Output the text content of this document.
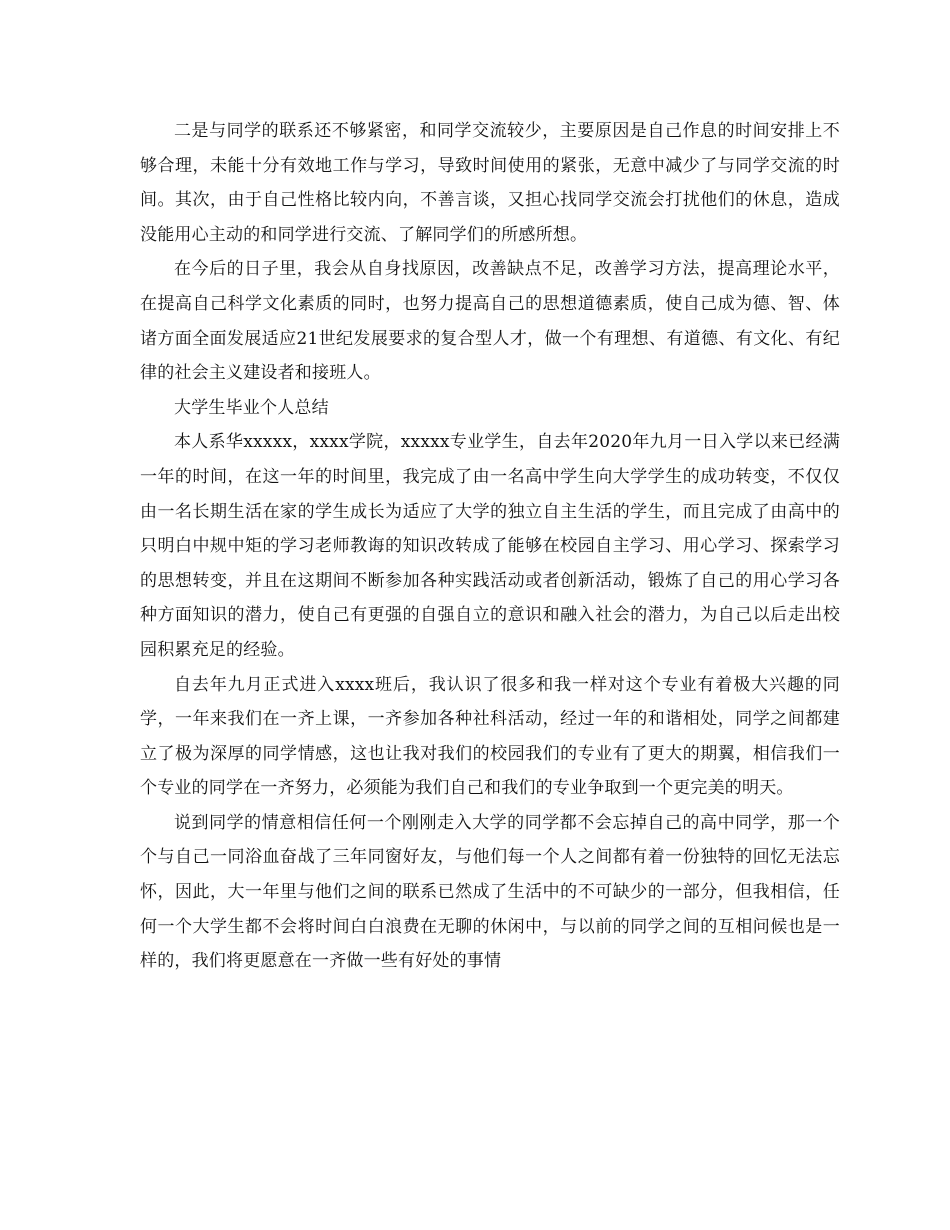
二是与同学的联系还不够紧密，和同学交流较少，主要原因是自己作息的时间安排上不够合理，未能十分有效地工作与学习，导致时间使用的紧张，无意中减少了与同学交流的时间。其次，由于自己性格比较内向，不善言谈，又担心找同学交流会打扰他们的休息，造成没能用心主动的和同学进行交流、了解同学们的所感所想。

在今后的日子里，我会从自身找原因，改善缺点不足，改善学习方法，提高理论水平，在提高自己科学文化素质的同时，也努力提高自己的思想道德素质，使自己成为德、智、体诸方面全面发展适应21世纪发展要求的复合型人才，做一个有理想、有道德、有文化、有纪律的社会主义建设者和接班人。

大学生毕业个人总结

本人系华xxxxx，xxxx学院，xxxxx专业学生，自去年2020年九月一日入学以来已经满一年的时间，在这一年的时间里，我完成了由一名高中学生向大学学生的成功转变，不仅仅由一名长期生活在家的学生成长为适应了大学的独立自主生活的学生，而且完成了由高中的只明白中规中矩的学习老师教诲的知识改转成了能够在校园自主学习、用心学习、探索学习的思想转变，并且在这期间不断参加各种实践活动或者创新活动，锻炼了自己的用心学习各种方面知识的潜力，使自己有更强的自强自立的意识和融入社会的潜力，为自己以后走出校园积累充足的经验。

自去年九月正式进入xxxx班后，我认识了很多和我一样对这个专业有着极大兴趣的同学，一年来我们在一齐上课，一齐参加各种社科活动，经过一年的和谐相处，同学之间都建立了极为深厚的同学情感，这也让我对我们的校园我们的专业有了更大的期翼，相信我们一个专业的同学在一齐努力，必须能为我们自己和我们的专业争取到一个更完美的明天。

说到同学的情意相信任何一个刚刚走入大学的同学都不会忘掉自己的高中同学，那一个个与自己一同浴血奋战了三年同窗好友，与他们每一个人之间都有着一份独特的回忆无法忘怀，因此，大一年里与他们之间的联系已然成了生活中的不可缺少的一部分，但我相信，任何一个大学生都不会将时间白白浪费在无聊的休闲中，与以前的同学之间的互相问候也是一样的，我们将更愿意在一齐做一些有好处的事情
